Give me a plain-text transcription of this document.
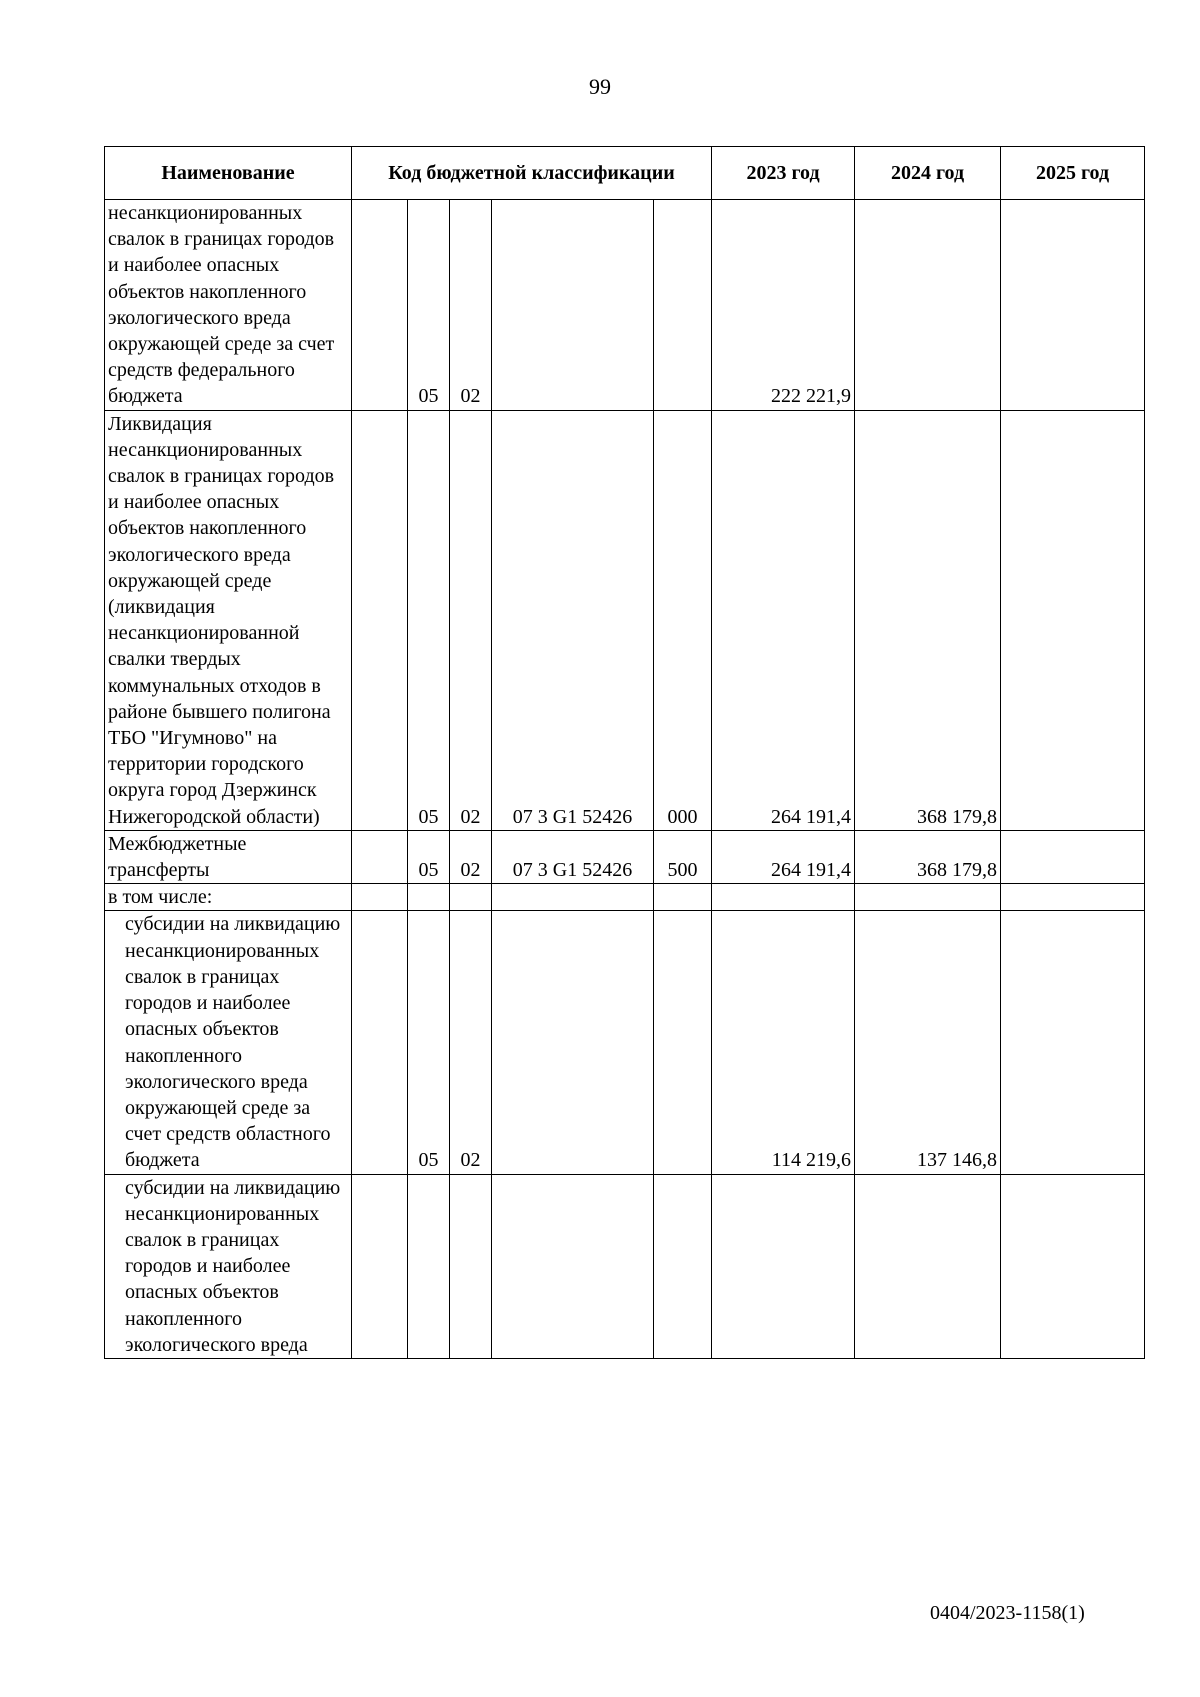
99
Наименование	Код бюджетной классификации					2023 год	2024 год	2025 год
несанкционированных свалок в границах городов и наиболее опасных объектов накопленного экологического вреда окружающей среде за счет средств федерального бюджета		05	02			222 221,9		
Ликвидация несанкционированных свалок в границах городов и наиболее опасных объектов накопленного экологического вреда окружающей среде (ликвидация несанкционированной свалки твердых коммунальных отходов в районе бывшего полигона ТБО "Игумново" на территории городского округа город Дзержинск Нижегородской области)		05	02	07 3 G1 52426	000	264 191,4	368 179,8	
Межбюджетные трансферты		05	02	07 3 G1 52426	500	264 191,4	368 179,8	
в том числе:								
субсидии на ликвидацию несанкционированных свалок в границах городов и наиболее опасных объектов накопленного экологического вреда окружающей среде за счет средств областного бюджета		05	02			114 219,6	137 146,8	
субсидии на ликвидацию несанкционированных свалок в границах городов и наиболее опасных объектов накопленного экологического вреда								
0404/2023-1158(1)
